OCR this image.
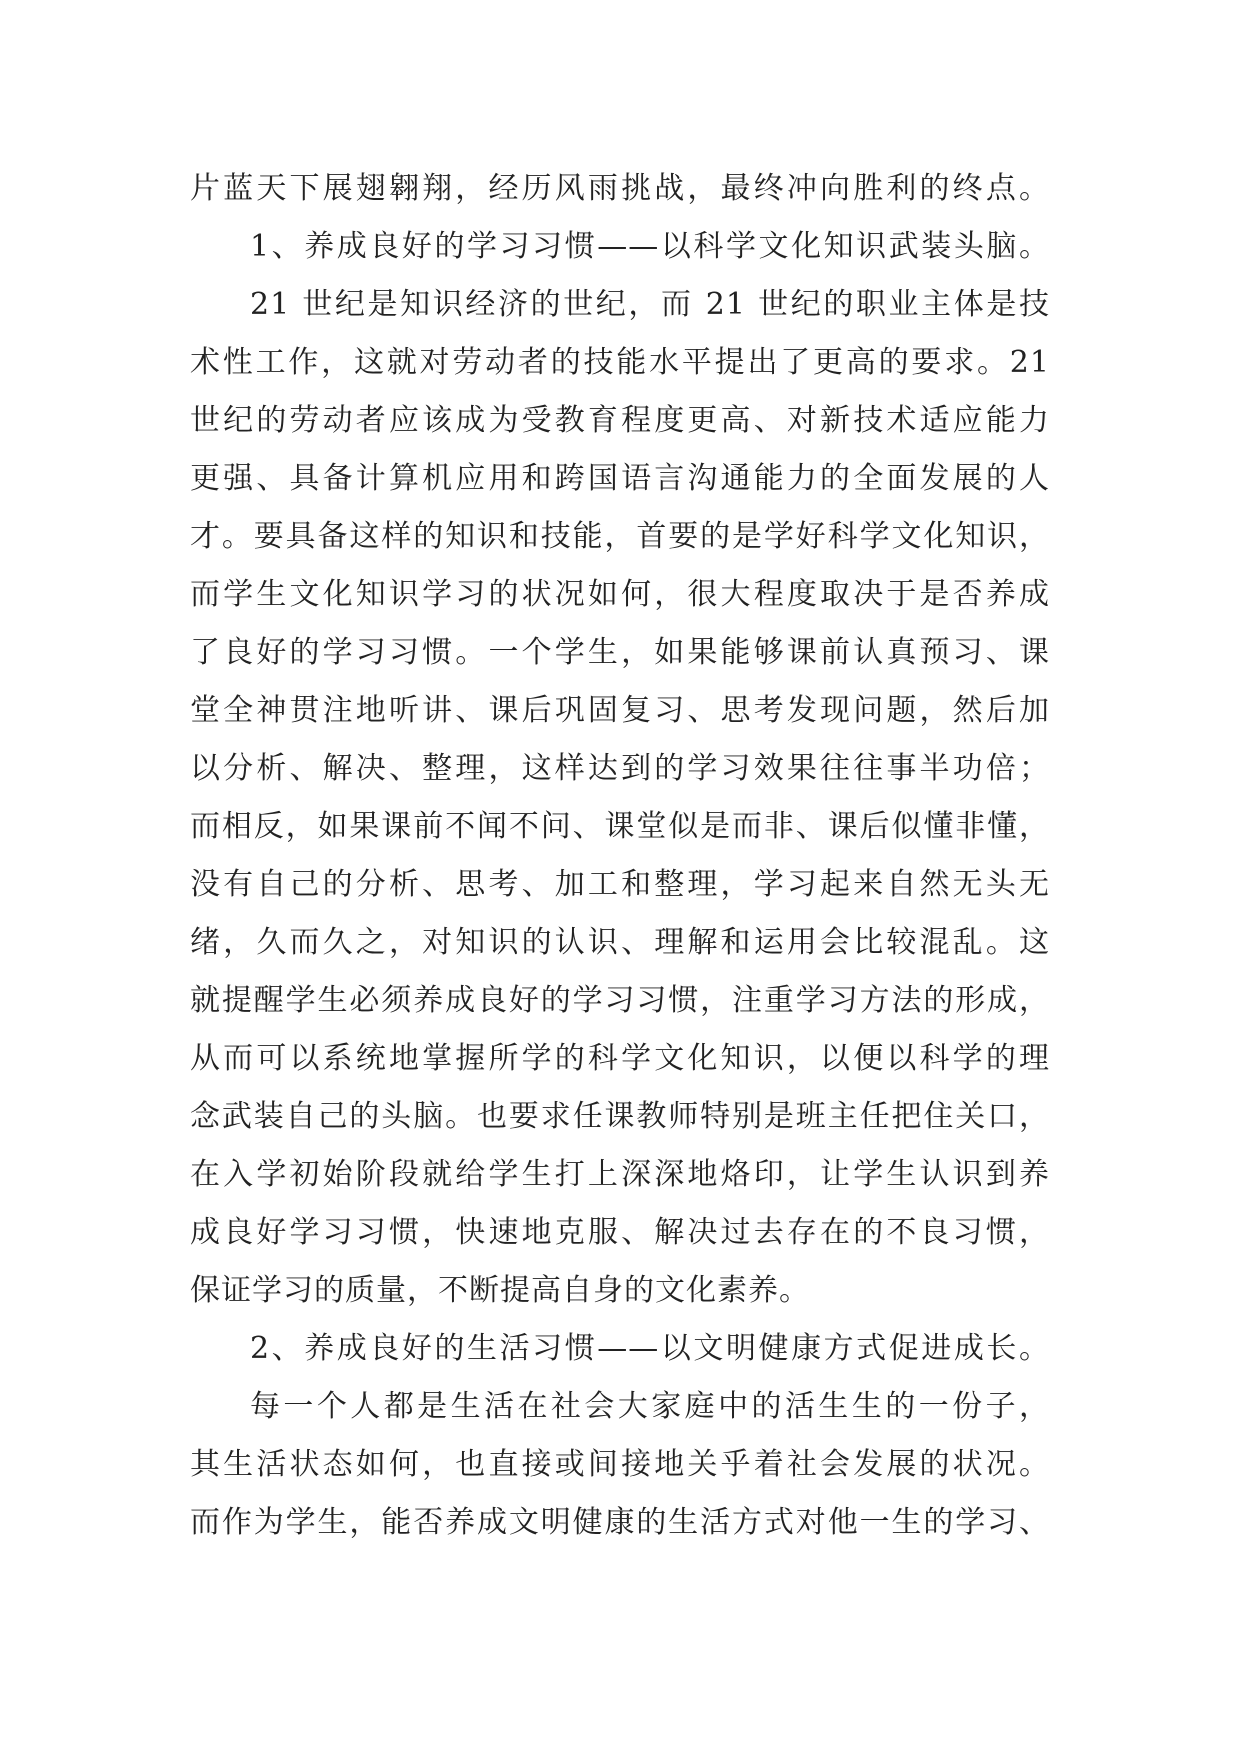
片蓝天下展翅翱翔，经历风雨挑战，最终冲向胜利的终点。
1、养成良好的学习习惯——以科学文化知识武装头脑。
21 世纪是知识经济的世纪，而 21 世纪的职业主体是技
术性工作，这就对劳动者的技能水平提出了更高的要求。21
世纪的劳动者应该成为受教育程度更高、对新技术适应能力
更强、具备计算机应用和跨国语言沟通能力的全面发展的人
才。要具备这样的知识和技能，首要的是学好科学文化知识，
而学生文化知识学习的状况如何，很大程度取决于是否养成
了良好的学习习惯。一个学生，如果能够课前认真预习、课
堂全神贯注地听讲、课后巩固复习、思考发现问题，然后加
以分析、解决、整理，这样达到的学习效果往往事半功倍；
而相反，如果课前不闻不问、课堂似是而非、课后似懂非懂，
没有自己的分析、思考、加工和整理，学习起来自然无头无
绪，久而久之，对知识的认识、理解和运用会比较混乱。这
就提醒学生必须养成良好的学习习惯，注重学习方法的形成，
从而可以系统地掌握所学的科学文化知识，以便以科学的理
念武装自己的头脑。也要求任课教师特别是班主任把住关口，
在入学初始阶段就给学生打上深深地烙印，让学生认识到养
成良好学习习惯，快速地克服、解决过去存在的不良习惯，
保证学习的质量，不断提高自身的文化素养。
2、养成良好的生活习惯——以文明健康方式促进成长。
每一个人都是生活在社会大家庭中的活生生的一份子，
其生活状态如何，也直接或间接地关乎着社会发展的状况。
而作为学生，能否养成文明健康的生活方式对他一生的学习、
